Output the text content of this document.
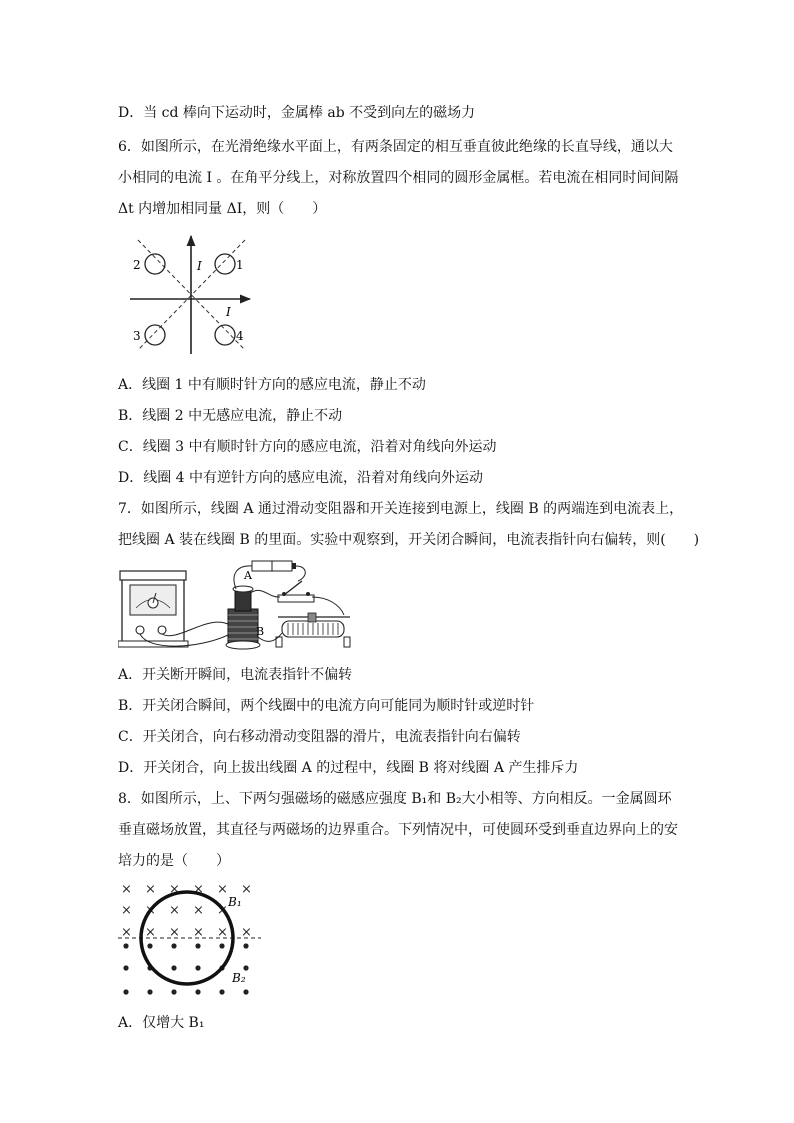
D．当 cd 棒向下运动时，金属棒 ab 不受到向左的磁场力
6．如图所示，在光滑绝缘水平面上，有两条固定的相互垂直彼此绝缘的长直导线，通以大
小相同的电流 I 。在角平分线上，对称放置四个相同的圆形金属框。若电流在相同时间间隔
Δt 内增加相同量 ΔI，则（　　）
2	1
3	4
I
I
A．线圈 1 中有顺时针方向的感应电流，静止不动
B．线圈 2 中无感应电流，静止不动
C．线圈 3 中有顺时针方向的感应电流，沿着对角线向外运动
D．线圈 4 中有逆针方向的感应电流，沿着对角线向外运动
7．如图所示，线圈 A 通过滑动变阻器和开关连接到电源上，线圈 B 的两端连到电流表上，
把线圈 A 装在线圈 B 的里面。实验中观察到，开关闭合瞬间，电流表指针向右偏转，则(　　)
A
B
A．开关断开瞬间，电流表指针不偏转
B．开关闭合瞬间，两个线圈中的电流方向可能同为顺时针或逆时针
C．开关闭合，向右移动滑动变阻器的滑片，电流表指针向右偏转
D．开关闭合，向上拔出线圈 A 的过程中，线圈 B 将对线圈 A 产生排斥力
8．如图所示，上、下两匀强磁场的磁感应强度 B₁和 B₂大小相等、方向相反。一金属圆环
垂直磁场放置，其直径与两磁场的边界重合。下列情况中，可使圆环受到垂直边界向上的安
培力的是（　　）
× × × × × ×
× × × × ×
× × × × × ×
B₁
B₂
A．仅增大 B₁
